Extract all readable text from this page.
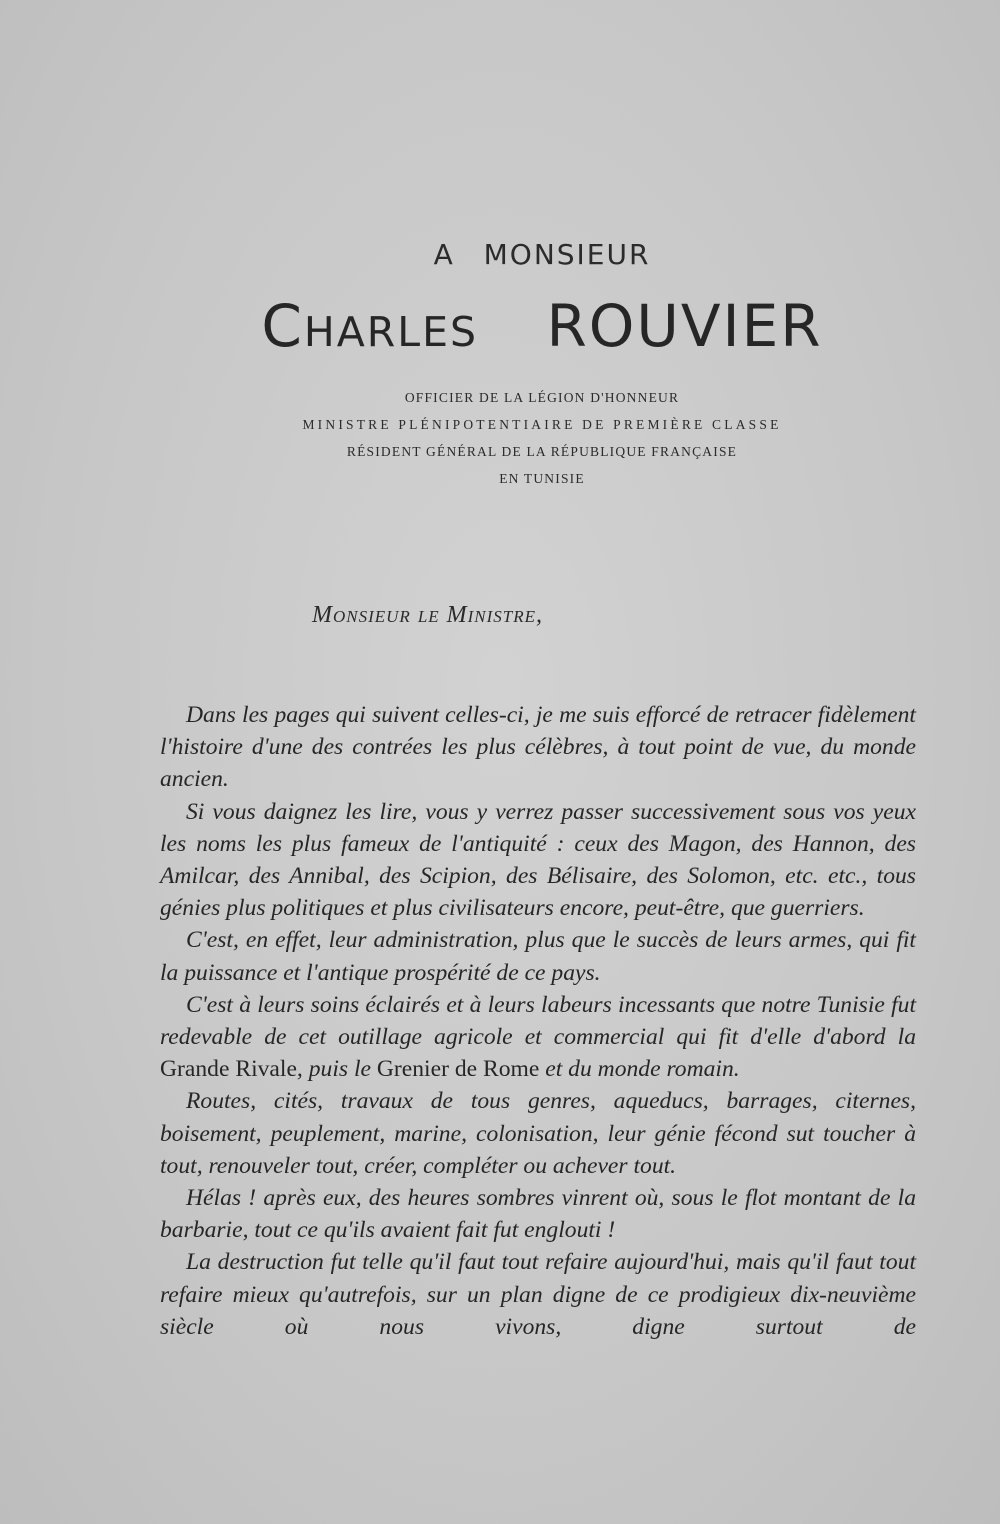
A MONSIEUR
Charles ROUVIER
OFFICIER DE LA LÉGION D'HONNEUR
MINISTRE PLÉNIPOTENTIAIRE DE PREMIÈRE CLASSE
RÉSIDENT GÉNÉRAL DE LA RÉPUBLIQUE FRANÇAISE
EN TUNISIE
Monsieur le Ministre,

Dans les pages qui suivent celles-ci, je me suis efforcé de retracer fidèlement l'histoire d'une des contrées les plus célèbres, à tout point de vue, du monde ancien.

Si vous daignez les lire, vous y verrez passer successivement sous vos yeux les noms les plus fameux de l'antiquité : ceux des Magon, des Hannon, des Amilcar, des Annibal, des Scipion, des Bélisaire, des Solomon, etc. etc., tous génies plus politiques et plus civilisateurs encore, peut-être, que guerriers.

C'est, en effet, leur administration, plus que le succès de leurs armes, qui fit la puissance et l'antique prospérité de ce pays.

C'est à leurs soins éclairés et à leurs labeurs incessants que notre Tunisie fut redevable de cet outillage agricole et commercial qui fit d'elle d'abord la Grande Rivale, puis le Grenier de Rome et du monde romain.

Routes, cités, travaux de tous genres, aqueducs, barrages, citernes, boisement, peuplement, marine, colonisation, leur génie fécond sut toucher à tout, renouveler tout, créer, compléter ou achever tout.

Hélas ! après eux, des heures sombres vinrent où, sous le flot montant de la barbarie, tout ce qu'ils avaient fait fut englouti !

La destruction fut telle qu'il faut tout refaire aujourd'hui, mais qu'il faut tout refaire mieux qu'autrefois, sur un plan digne de ce prodigieux dix-neuvième siècle où nous vivons, digne surtout de
